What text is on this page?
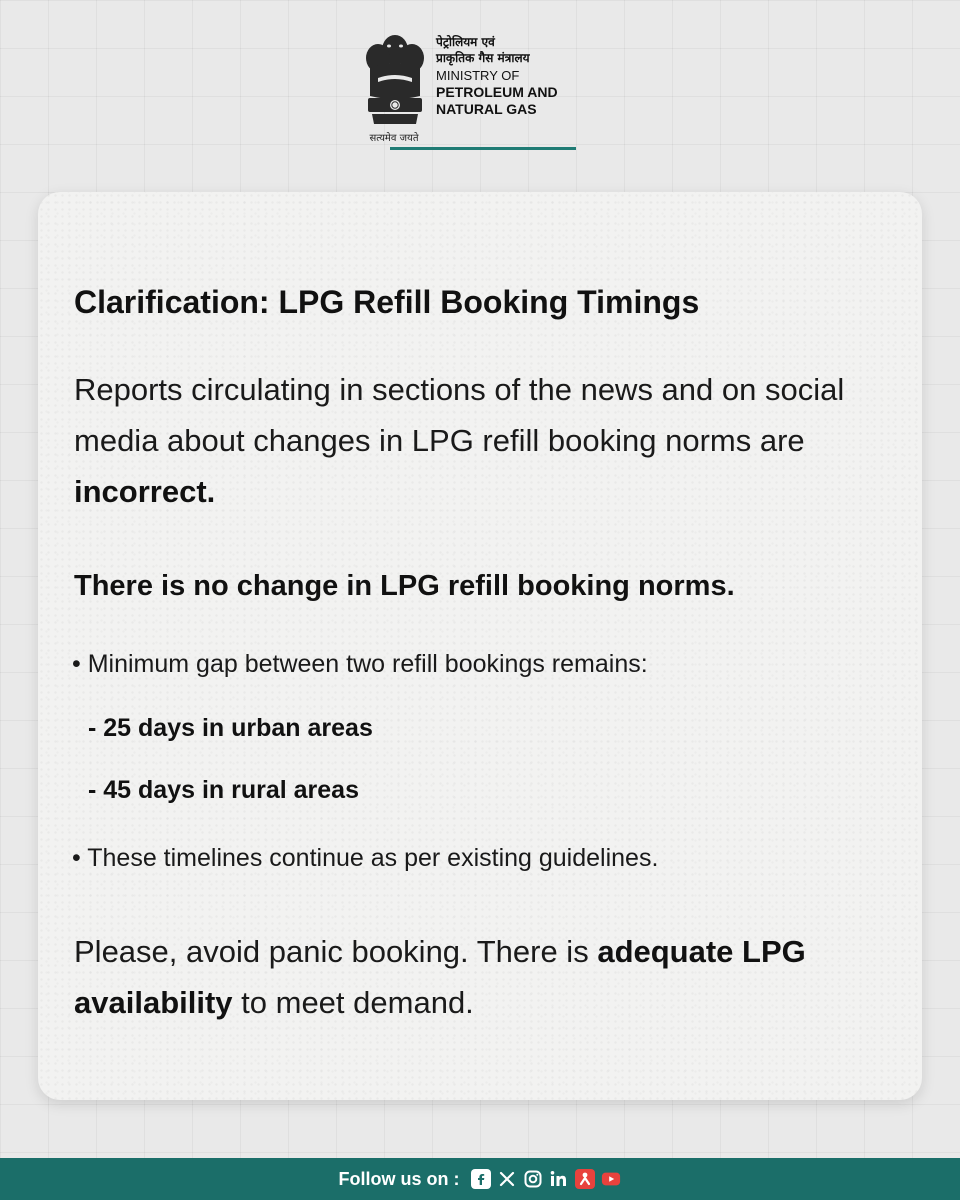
सत्यमेव जयते
पेट्रोलियम एवं
प्राकृतिक गैस मंत्रालय
MINISTRY OF
PETROLEUM AND
NATURAL GAS
Clarification: LPG Refill Booking Timings
Reports circulating in sections of the news and on social media about changes in LPG refill booking norms are incorrect.
There is no change in LPG refill booking norms.
• Minimum gap between two refill bookings remains:
- 25 days in urban areas
- 45 days in rural areas
• These timelines continue as per existing guidelines.
Please, avoid panic booking. There is adequate LPG availability to meet demand.
Follow us on :
